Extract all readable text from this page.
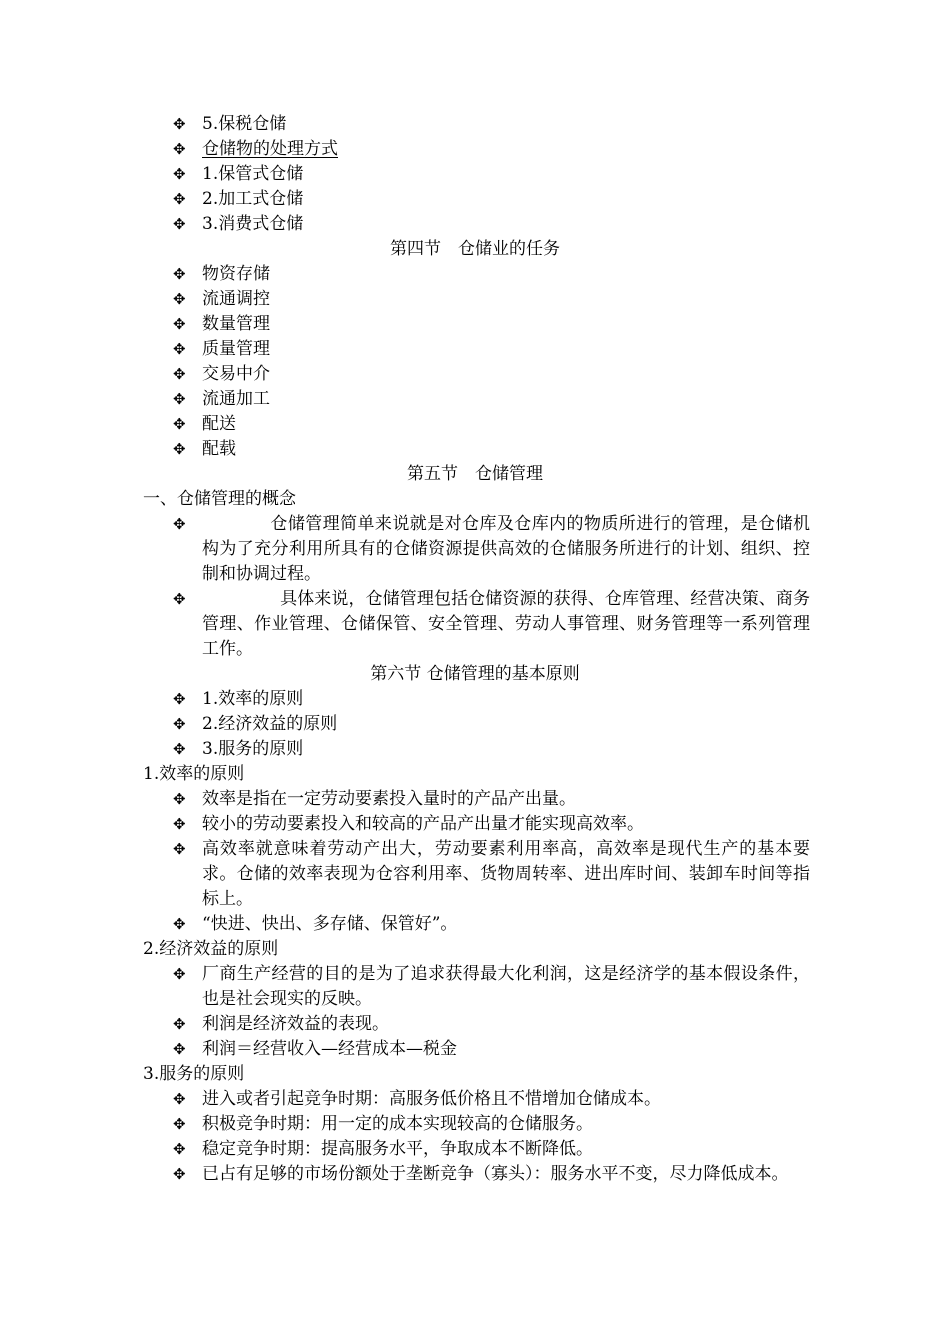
✥ 5.保税仓储
✥ 仓储物的处理方式
✥ 1.保管式仓储
✥ 2.加工式仓储
✥ 3.消费式仓储
第四节　仓储业的任务
✥ 物资存储
✥ 流通调控
✥ 数量管理
✥ 质量管理
✥ 交易中介
✥ 流通加工
✥ 配送
✥ 配载
第五节　仓储管理
一、仓储管理的概念
✥	仓储管理简单来说就是对仓库及仓库内的物质所进行的管理，是仓储机构为了充分利用所具有的仓储资源提供高效的仓储服务所进行的计划、组织、控制和协调过程。
✥	具体来说，仓储管理包括仓储资源的获得、仓库管理、经营决策、商务管理、作业管理、仓储保管、安全管理、劳动人事管理、财务管理等一系列管理工作。
第六节 仓储管理的基本原则
✥ 1.效率的原则
✥ 2.经济效益的原则
✥ 3.服务的原则
1.效率的原则
✥ 效率是指在一定劳动要素投入量时的产品产出量。
✥ 较小的劳动要素投入和较高的产品产出量才能实现高效率。
✥ 高效率就意味着劳动产出大，劳动要素利用率高，高效率是现代生产的基本要求。仓储的效率表现为仓容利用率、货物周转率、进出库时间、装卸车时间等指标上。
✥ “快进、快出、多存储、保管好”。
2.经济效益的原则
✥ 厂商生产经营的目的是为了追求获得最大化利润，这是经济学的基本假设条件，也是社会现实的反映。
✥ 利润是经济效益的表现。
✥ 利润＝经营收入—经营成本—税金
3.服务的原则
✥ 进入或者引起竞争时期：高服务低价格且不惜增加仓储成本。
✥ 积极竞争时期：用一定的成本实现较高的仓储服务。
✥ 稳定竞争时期：提高服务水平，争取成本不断降低。
✥ 已占有足够的市场份额处于垄断竞争（寡头）：服务水平不变，尽力降低成本。
